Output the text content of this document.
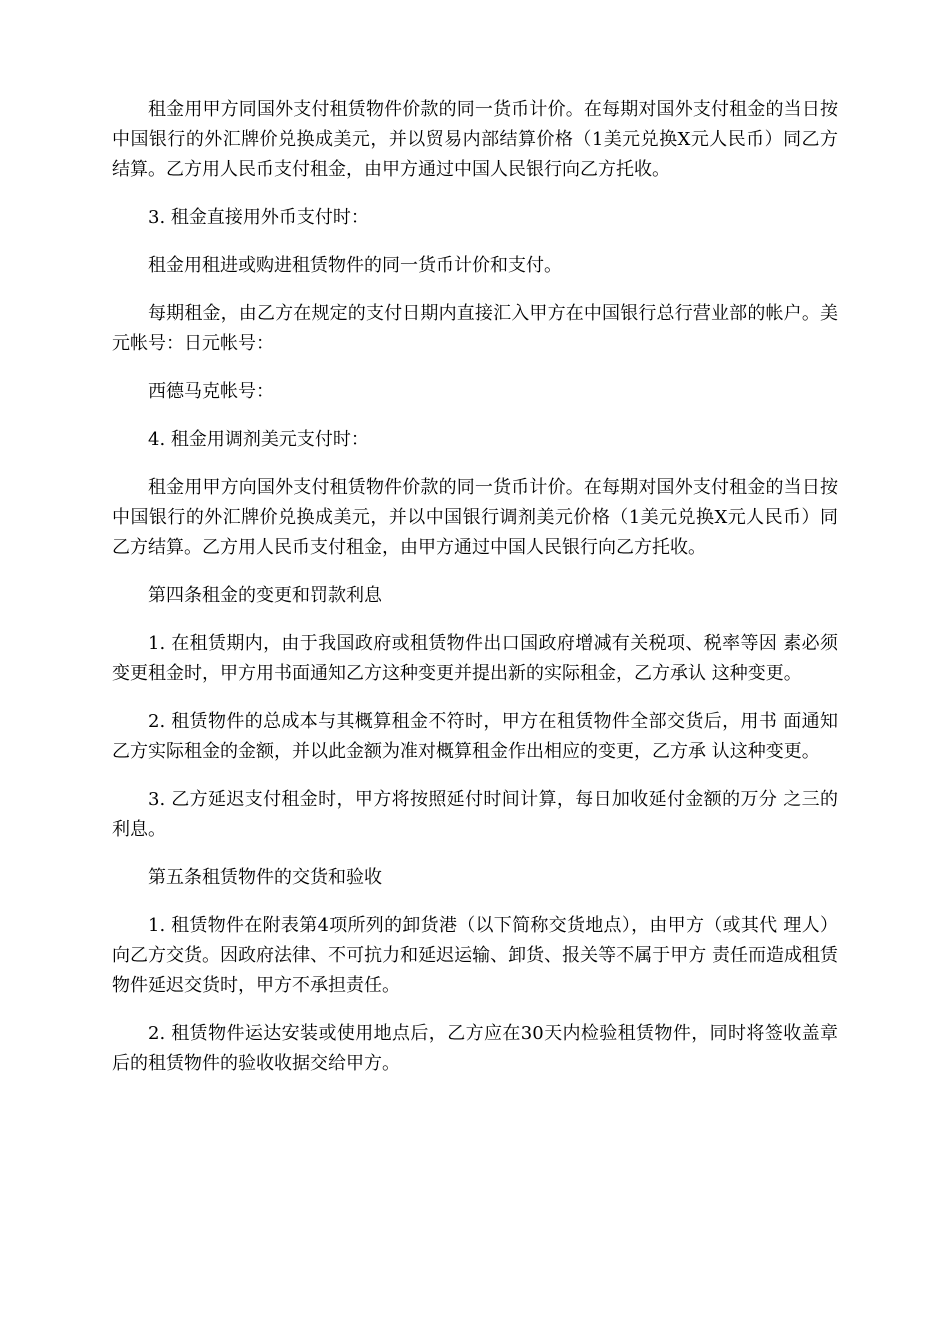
租金用甲方同国外支付租赁物件价款的同一货币计价。在每期对国外支付租金的当日按中国银行的外汇牌价兑换成美元，并以贸易内部结算价格（1美元兑换X元人民币）同乙方结算。乙方用人民币支付租金，由甲方通过中国人民银行向乙方托收。

3. 租金直接用外币支付时：

租金用租进或购进租赁物件的同一货币计价和支付。

每期租金，由乙方在规定的支付日期内直接汇入甲方在中国银行总行营业部的帐户。美元帐号：日元帐号：

西德马克帐号：

4. 租金用调剂美元支付时：

租金用甲方向国外支付租赁物件价款的同一货币计价。在每期对国外支付租金的当日按中国银行的外汇牌价兑换成美元，并以中国银行调剂美元价格（1美元兑换X元人民币）同乙方结算。乙方用人民币支付租金，由甲方通过中国人民银行向乙方托收。

第四条租金的变更和罚款利息

1. 在租赁期内，由于我国政府或租赁物件出口国政府增减有关税项、税率等因 素必须变更租金时，甲方用书面通知乙方这种变更并提出新的实际租金，乙方承认 这种变更。

2. 租赁物件的总成本与其概算租金不符时，甲方在租赁物件全部交货后，用书 面通知乙方实际租金的金额，并以此金额为准对概算租金作出相应的变更，乙方承 认这种变更。

3. 乙方延迟支付租金时，甲方将按照延付时间计算，每日加收延付金额的万分 之三的利息。

第五条租赁物件的交货和验收

1. 租赁物件在附表第4项所列的卸货港（以下简称交货地点），由甲方（或其代 理人）向乙方交货。因政府法律、不可抗力和延迟运输、卸货、报关等不属于甲方 责任而造成租赁物件延迟交货时，甲方不承担责任。

2. 租赁物件运达安装或使用地点后，乙方应在30天内检验租赁物件，同时将签收盖章后的租赁物件的验收收据交给甲方。
